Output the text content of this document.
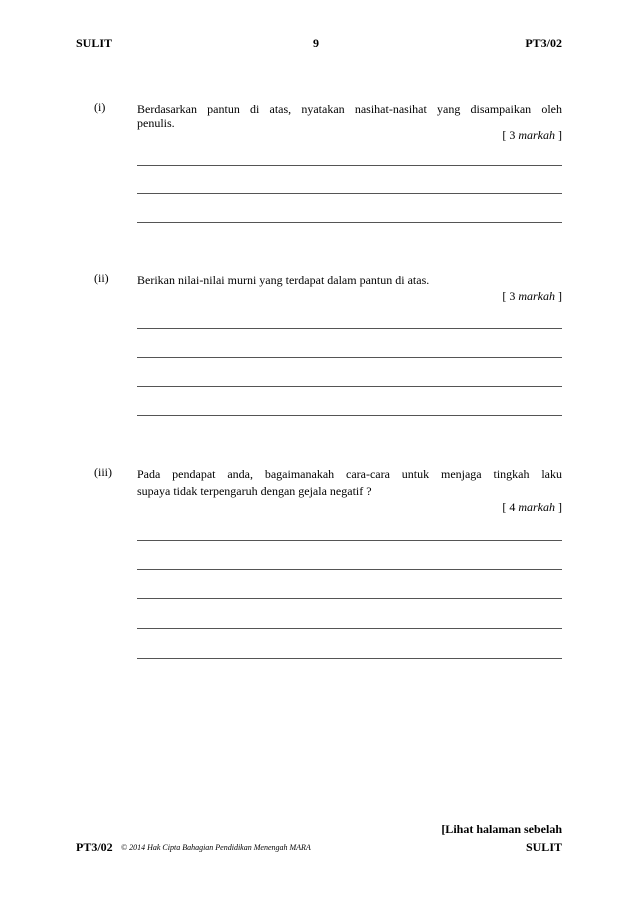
SULIT	9	PT3/02
(i)	Berdasarkan pantun di atas, nyatakan nasihat-nasihat yang disampaikan oleh
penulis.
[ 3 markah ]
(ii) Berikan nilai-nilai murni yang terdapat dalam pantun di atas.
[ 3 markah ]
(iii) Pada pendapat anda, bagaimanakah cara-cara untuk menjaga tingkah laku
supaya tidak terpengaruh dengan gejala negatif ?
[ 4 markah ]
[Lihat halaman sebelah
PT3/02 © 2014 Hak Cipta Bahagian Pendidikan Menengah MARA	SULIT
